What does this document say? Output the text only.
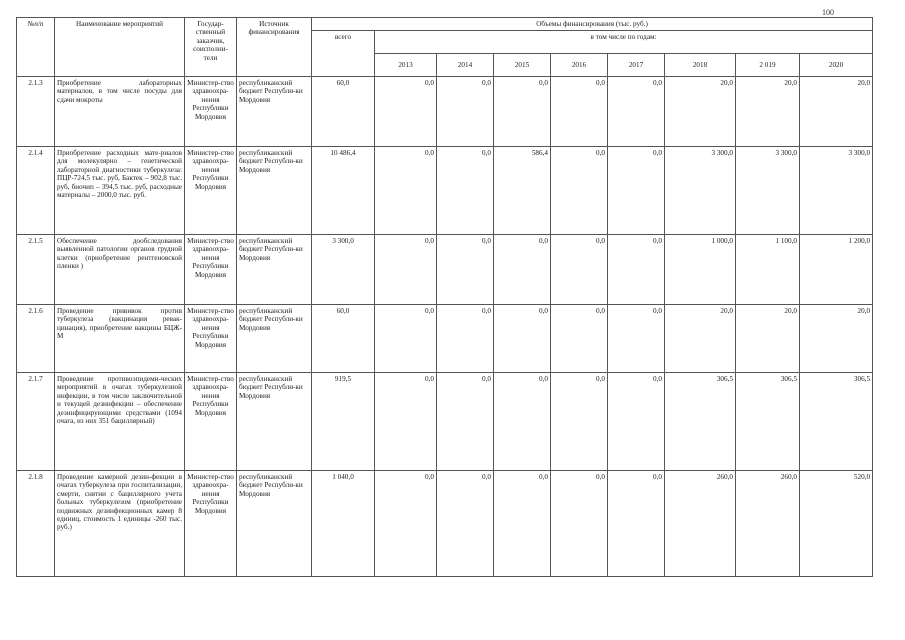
100
№п/п	Наименование мероприятий	Государ-ственный заказчик, соисполни-тели	Источник финансирования	Объемы финансирования (тыс. руб.)								
				всего	в том числе по годам:							
					2013	2014	2015	2016	2017	2018	2 019	2020
2.1.3	Приобретение лабораторных материалов, в том числе посуды для сдачи мокроты	Министер-ство здравоохра-нения Республики Мордовия	республиканский бюджет Республи-ки Мордовия	60,0	0,0	0,0	0,0	0,0	0,0	20,0	20,0	20,0
2.1.4	Приобретение расходных мате-риалов для молекулярно – генетической лабораторной диагностики туберкулеза: ПЦР-724,5 тыс. руб, Бактек – 902,8 тыс. руб, биочип – 394,5 тыс. руб, расходные материалы – 2000,0 тыс. руб.	Министер-ство здравоохра-нения Республики Мордовия	республиканский бюджет Республи-ки Мордовия	10 486,4	0,0	0,0	586,4	0,0	0,0	3 300,0	3 300,0	3 300,0
2.1.5	Обеспечение дообследования выявленной патологии органов грудной клетки (приобретение рентгеновской пленки )	Министер-ство здравоохра-нения Республики Мордовия	республиканский бюджет Республи-ки Мордовия	3 300,0	0,0	0,0	0,0	0,0	0,0	1 000,0	1 100,0	1 200,0
2.1.6	Проведение прививок против туберкулеза (вакцинация ревак-цинация), приобретение вакцины БЦЖ-М	Министер-ство здравоохра-нения Республики Мордовия	республиканский бюджет Республи-ки Мордовия	60,0	0,0	0,0	0,0	0,0	0,0	20,0	20,0	20,0
2.1.7	Проведение противоэпидеми-ческих мероприятий в очагах туберкулезной инфекции, в том числе заключительной и текущей дезинфекции – обеспечение дезинфицирующими средствами (1094 очага, из них 351 бациллярный)	Министер-ство здравоохра-нения Республики Мордовия	республиканский бюджет Республи-ки Мордовия	919,5	0,0	0,0	0,0	0,0	0,0	306,5	306,5	306,5
2.1.8	Проведение камерной дезин-фекции в очагах туберкулеза при госпитализации, смерти, снятии с бациллярного учета больных туберкулезом (приобретение подвижных дезинфекционных камер 8 единиц, стоимость 1 единицы -260 тыс. руб.)	Министер-ство здравоохра-нения Республики Мордовия	республиканский бюджет Республи-ки Мордовия	1 040,0	0,0	0,0	0,0	0,0	0,0	260,0	260,0	520,0
